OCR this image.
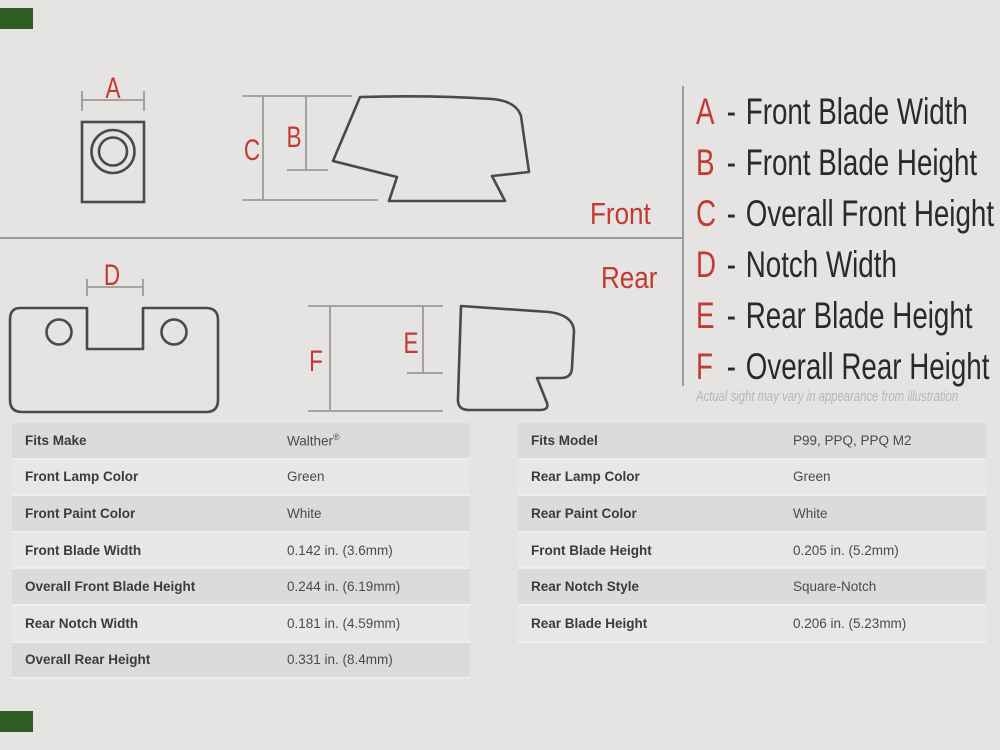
A
B
C
D
E
F
Front
Rear
A - Front Blade Width
B - Front Blade Height
C - Overall Front Height
D - Notch Width
E - Rear Blade Height
F - Overall Rear Height
Actual sight may vary in appearance from illustration
Fits Make	Walther®
Front Lamp Color	Green
Front Paint Color	White
Front Blade Width	0.142 in. (3.6mm)
Overall Front Blade Height	0.244 in. (6.19mm)
Rear Notch Width	0.181 in. (4.59mm)
Overall Rear Height	0.331 in. (8.4mm)
Fits Model	P99, PPQ, PPQ M2
Rear Lamp Color	Green
Rear Paint Color	White
Front Blade Height	0.205 in. (5.2mm)
Rear Notch Style	Square-Notch
Rear Blade Height	0.206 in. (5.23mm)
